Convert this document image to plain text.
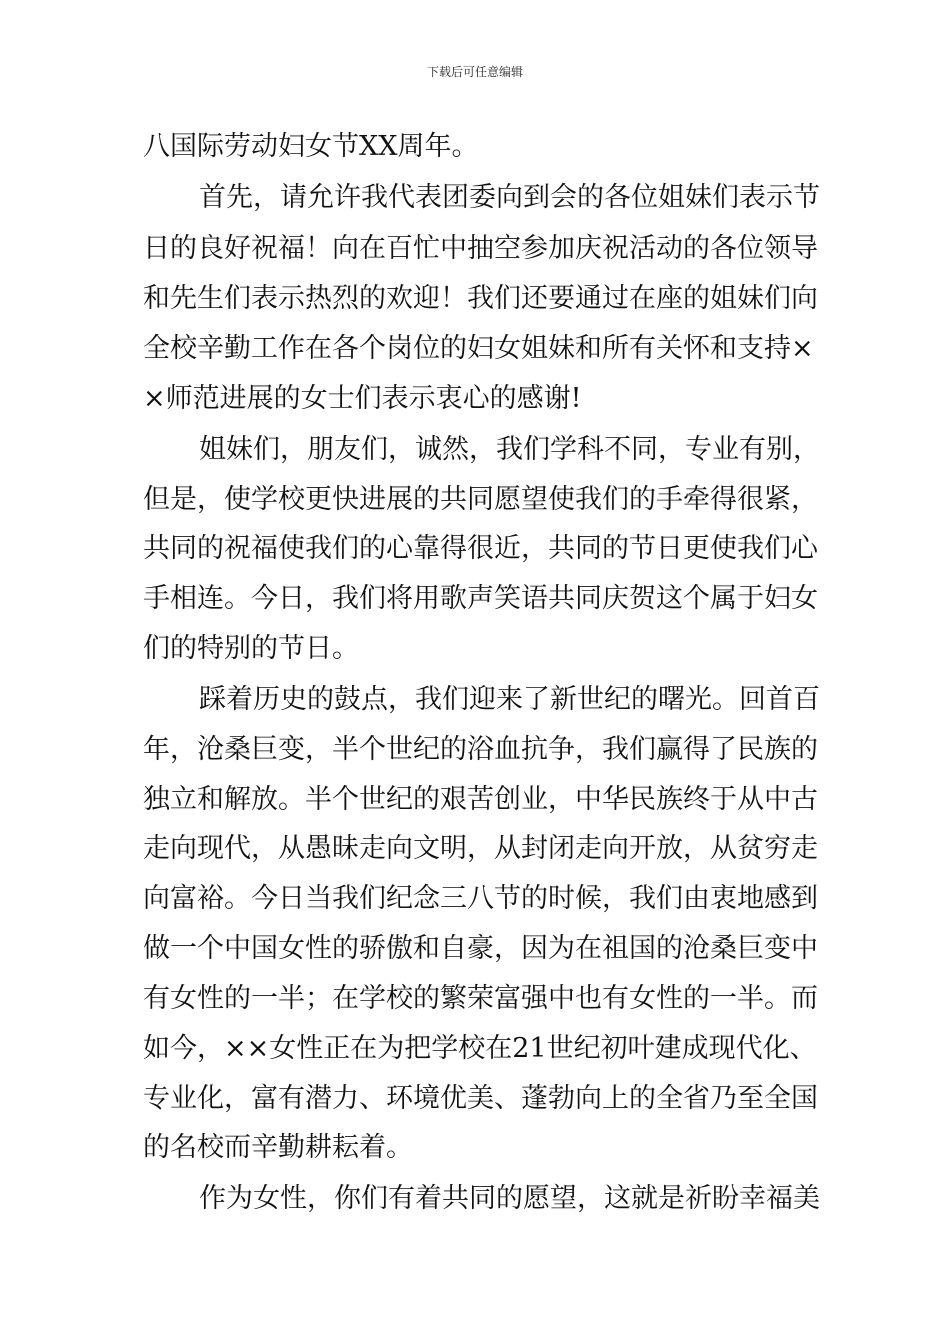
下载后可任意编辑
八国际劳动妇女节XX周年。
首先，请允许我代表团委向到会的各位姐妹们表示节
日的良好祝福！向在百忙中抽空参加庆祝活动的各位领导
和先生们表示热烈的欢迎！我们还要通过在座的姐妹们向
全校辛勤工作在各个岗位的妇女姐妹和所有关怀和支持×
×师范进展的女士们表示衷心的感谢!
姐妹们，朋友们，诚然，我们学科不同，专业有别，
但是，使学校更快进展的共同愿望使我们的手牵得很紧，
共同的祝福使我们的心靠得很近，共同的节日更使我们心
手相连。今日，我们将用歌声笑语共同庆贺这个属于妇女
们的特别的节日。
踩着历史的鼓点，我们迎来了新世纪的曙光。回首百
年，沧桑巨变，半个世纪的浴血抗争，我们赢得了民族的
独立和解放。半个世纪的艰苦创业，中华民族终于从中古
走向现代，从愚昧走向文明，从封闭走向开放，从贫穷走
向富裕。今日当我们纪念三八节的时候，我们由衷地感到
做一个中国女性的骄傲和自豪，因为在祖国的沧桑巨变中
有女性的一半；在学校的繁荣富强中也有女性的一半。而
如今，××女性正在为把学校在21世纪初叶建成现代化、
专业化，富有潜力、环境优美、蓬勃向上的全省乃至全国
的名校而辛勤耕耘着。
作为女性，你们有着共同的愿望，这就是祈盼幸福美
